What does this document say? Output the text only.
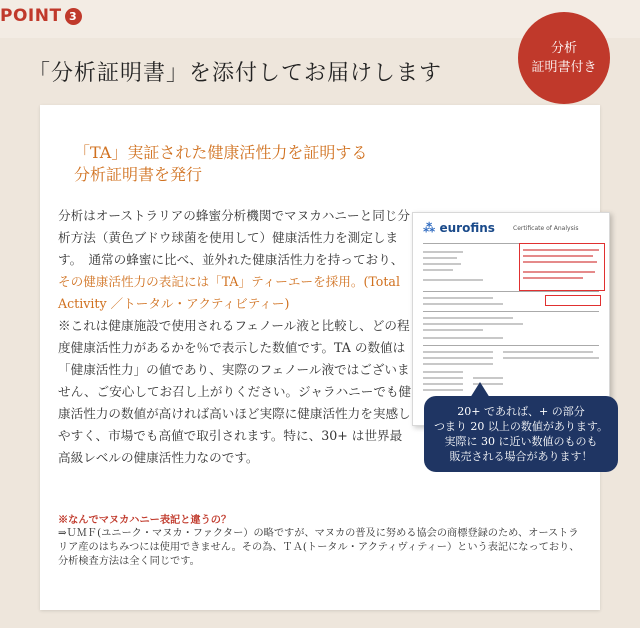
POINT 3
「分析証明書」を添付してお届けします
分析
証明書付き
「TA」実証された健康活性力を証明する
分析証明書を発行
分析はオーストラリアの蜂蜜分析機関でマヌカハニーと同じ分析方法（黄色ブドウ球菌を使用して）健康活性力を測定します。　通常の蜂蜜に比べ、並外れた健康活性力を持っており、その健康活性力の表記には「TA」ティーエーを採用。(Total Activity ／トータル・アクティビティー)
※これは健康施設で使用されるフェノール液と比較し、どの程度健康活性力があるかを％で表示した数値です。TA の数値は「健康活性力」の値であり、実際のフェノール液ではございません、ご安心してお召し上がりください。ジャラハニーでも健康活性力の数値が高ければ高いほど実際に健康活性力を実感しやすく、市場でも高値で取引されます。特に、30+ は世界最高級レベルの健康活性力なのです。
※なんでマヌカハニー表記と違うの？
⇒ＵＭＦ(ユニーク・マヌカ・ファクター）の略ですが、マヌカの普及に努める協会の商標登録のため、オーストラリア産のはちみつには使用できません。その為、ＴＡ(トータル・アクティヴィティー）という表記になっており、分析検査方法は全く同じです。
⁂ eurofins	Certificate of Analysis
20+ であれば、+ の部分
つまり 20 以上の数値があります。
実際に 30 に近い数値のものも
販売される場合があります！
